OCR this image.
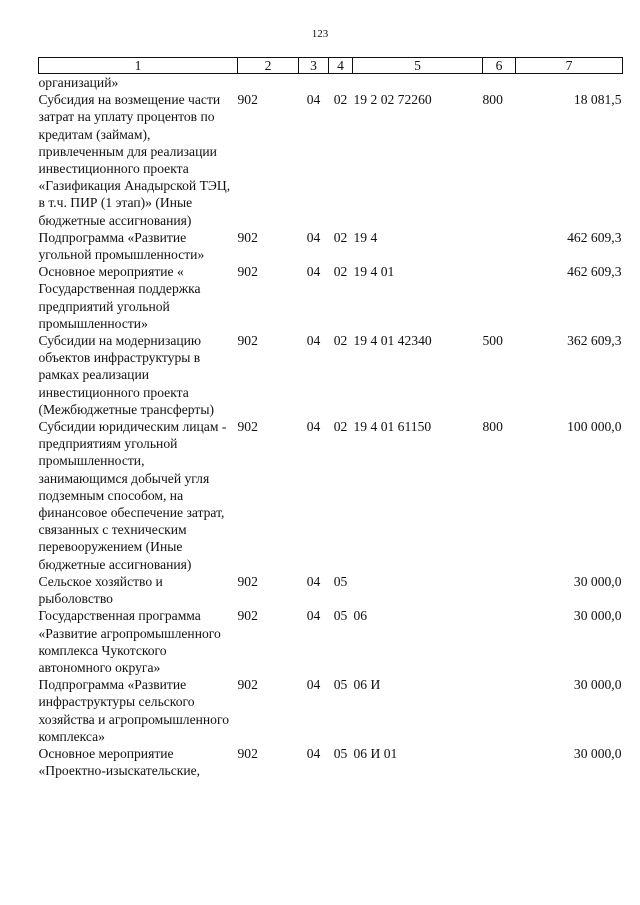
123
1	2	3	4	5	6	7
организаций»						
Субсидия на возмещение части затрат на уплату процентов по кредитам (займам), привлеченным для реализации инвестиционного проекта «Газификация Анадырской ТЭЦ, в т.ч. ПИР (1 этап)» (Иные бюджетные ассигнования)	902	04	02	19 2 02 72260	800	18 081,5
Подпрограмма «Развитие угольной промышленности»	902	04	02	19 4		462 609,3
Основное мероприятие « Государственная поддержка предприятий угольной промышленности»	902	04	02	19 4 01		462 609,3
Субсидии на модернизацию объектов инфраструктуры в рамках реализации инвестиционного проекта (Межбюджетные трансферты)	902	04	02	19 4 01 42340	500	362 609,3
Субсидии юридическим лицам - предприятиям угольной промышленности, занимающимся добычей угля подземным способом, на финансовое обеспечение затрат, связанных с техническим перевооружением (Иные бюджетные ассигнования)	902	04	02	19 4 01 61150	800	100 000,0
Сельское хозяйство и рыболовство	902	04	05			30 000,0
Государственная программа «Развитие агропромышленного комплекса Чукотского автономного округа»	902	04	05	06		30 000,0
Подпрограмма «Развитие инфраструктуры сельского хозяйства и агропромышленного комплекса»	902	04	05	06 И		30 000,0
Основное мероприятие «Проектно-изыскательские,	902	04	05	06 И 01		30 000,0
